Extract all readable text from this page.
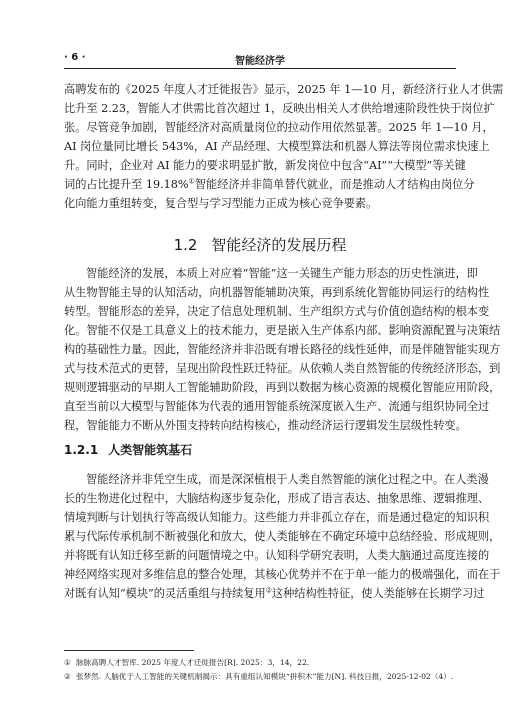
· 6 ·	智能经济学
高聘发布的《2025 年度人才迁徙报告》显示，2025 年 1—10 月，新经济行业人才供需
比升至 2.23，智能人才供需比首次超过 1，反映出相关人才供给增速阶段性快于岗位扩
张。尽管竞争加剧，智能经济对高质量岗位的拉动作用依然显著。2025 年 1—10 月，
AI 岗位量同比增长 543%，AI 产品经理、大模型算法和机器人算法等岗位需求快速上
升。同时，企业对 AI 能力的要求明显扩散，新发岗位中包含“AI”“大模型”等关键
词的占比提升至 19.18%①智能经济并非简单替代就业，而是推动人才结构由岗位分
化向能力重组转变，复合型与学习型能力正成为核心竞争要素。
1.2 智能经济的发展历程
智能经济的发展，本质上对应着“智能”这一关键生产能力形态的历史性演进，即
从生物智能主导的认知活动，向机器智能辅助决策，再到系统化智能协同运行的结构性
转型。智能形态的差异，决定了信息处理机制、生产组织方式与价值创造结构的根本变
化。智能不仅是工具意义上的技术能力，更是嵌入生产体系内部、影响资源配置与决策结
构的基础性力量。因此，智能经济并非沿既有增长路径的线性延伸，而是伴随智能实现方
式与技术范式的更替，呈现出阶段性跃迁特征。从依赖人类自然智能的传统经济形态，到
规则逻辑驱动的早期人工智能辅助阶段，再到以数据为核心资源的规模化智能应用阶段，
直至当前以大模型与智能体为代表的通用智能系统深度嵌入生产、流通与组织协同全过
程，智能能力不断从外围支持转向结构核心，推动经济运行逻辑发生层级性转变。
1.2.1 人类智能筑基石
智能经济并非凭空生成，而是深深植根于人类自然智能的演化过程之中。在人类漫
长的生物进化过程中，大脑结构逐步复杂化，形成了语言表达、抽象思维、逻辑推理、
情境判断与计划执行等高级认知能力。这些能力并非孤立存在，而是通过稳定的知识积
累与代际传承机制不断被强化和放大，使人类能够在不确定环境中总结经验、形成规则，
并将既有认知迁移至新的问题情境之中。认知科学研究表明，人类大脑通过高度连接的
神经网络实现对多维信息的整合处理，其核心优势并不在于单一能力的极端强化，而在于
对既有认知“模块”的灵活重组与持续复用②这种结构性特征，使人类能够在长期学习过
① 脉脉高聘人才智库. 2025 年度人才迁徙报告[R]. 2025：3，14，22.
② 张梦然. 人脑优于人工智能的关键机制揭示：具有重组认知模块“拼积木”能力[N]. 科技日报，2025-12-02（4）.
